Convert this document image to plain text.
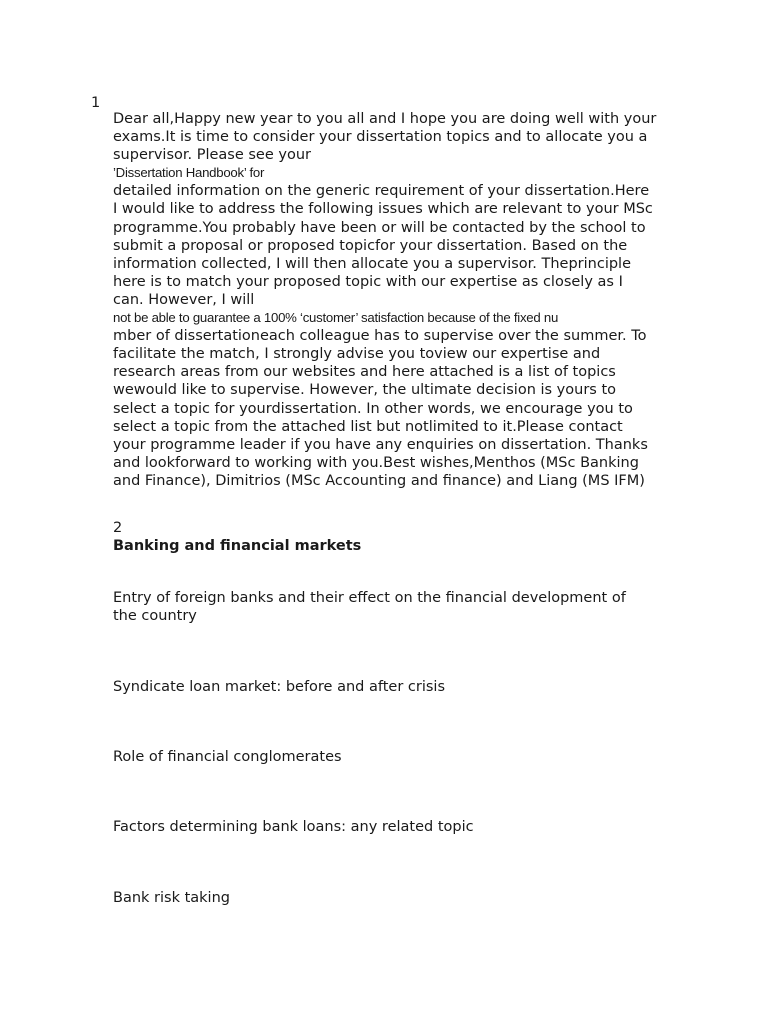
1
Dear all,Happy new year to you all and I hope you are doing well with your
exams.It is time to consider your dissertation topics and to allocate you a
supervisor. Please see your
’Dissertation Handbook’ for
detailed information on the generic requirement of your dissertation.Here
I would like to address the following issues which are relevant to your MSc
programme.You probably have been or will be contacted by the school to
submit a proposal or proposed topicfor your dissertation. Based on the
information collected, I will then allocate you a supervisor. Theprinciple
here is to match your proposed topic with our expertise as closely as I
can. However, I will
not be able to guarantee a 100% ‘customer’ satisfaction because of the fixed nu
mber of dissertationeach colleague has to supervise over the summer. To
facilitate the match, I strongly advise you toview our expertise and
research areas from our websites and here attached is a list of topics
wewould like to supervise. However, the ultimate decision is yours to
select a topic for yourdissertation. In other words, we encourage you to
select a topic from the attached list but notlimited to it.Please contact
your programme leader if you have any enquiries on dissertation. Thanks
and lookforward to working with you.Best wishes,Menthos (MSc Banking
and Finance), Dimitrios (MSc Accounting and finance) and Liang (MS IFM)
2
Banking and financial markets
Entry of foreign banks and their effect on the financial development of
the country
Syndicate loan market: before and after crisis
Role of financial conglomerates
Factors determining bank loans: any related topic
Bank risk taking
